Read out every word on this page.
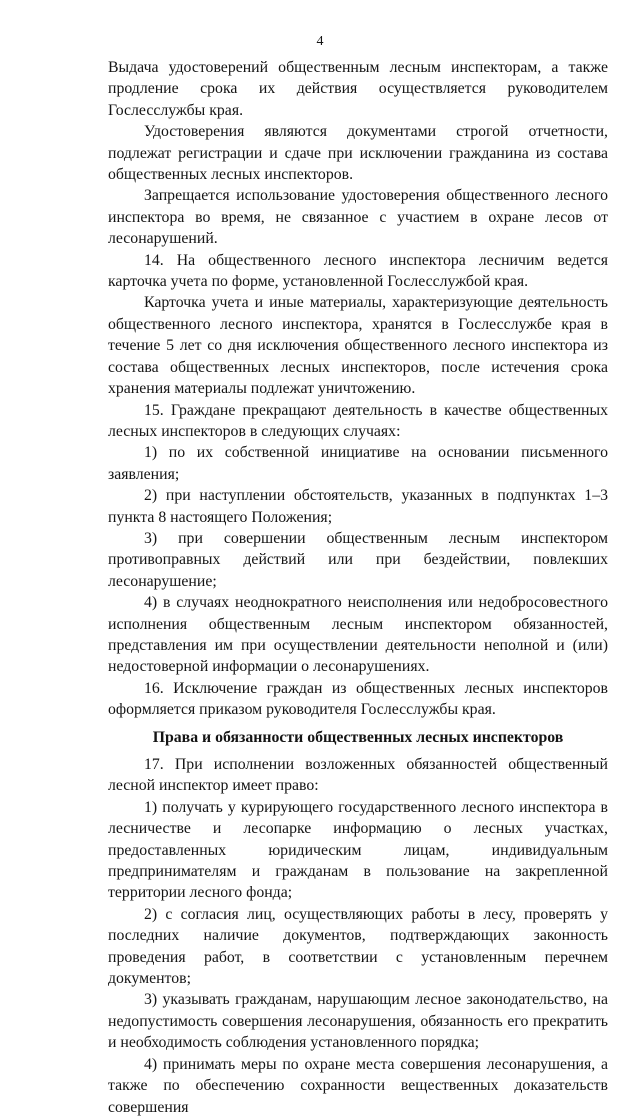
4

Выдача удостоверений общественным лесным инспекторам, а также продление срока их действия осуществляется руководителем Гослесслужбы края.

Удостоверения являются документами строгой отчетности, подлежат регистрации и сдаче при исключении гражданина из состава общественных лесных инспекторов.

Запрещается использование удостоверения общественного лесного инспектора во время, не связанное с участием в охране лесов от лесонарушений.

14. На общественного лесного инспектора лесничим ведется карточка учета по форме, установленной Гослесслужбой края.

Карточка учета и иные материалы, характеризующие деятельность общественного лесного инспектора, хранятся в Гослесслужбе края в течение 5 лет со дня исключения общественного лесного инспектора из состава общественных лесных инспекторов, после истечения срока хранения материалы подлежат уничтожению.

15. Граждане прекращают деятельность в качестве общественных лесных инспекторов в следующих случаях:

1) по их собственной инициативе на основании письменного заявления;

2) при наступлении обстоятельств, указанных в подпунктах 1–3 пункта 8 настоящего Положения;

3) при совершении общественным лесным инспектором противоправных действий или при бездействии, повлекших лесонарушение;

4) в случаях неоднократного неисполнения или недобросовестного исполнения общественным лесным инспектором обязанностей, представления им при осуществлении деятельности неполной и (или) недостоверной информации о лесонарушениях.

16. Исключение граждан из общественных лесных инспекторов оформляется приказом руководителя Гослесслужбы края.

Права и обязанности общественных лесных инспекторов

17. При исполнении возложенных обязанностей общественный лесной инспектор имеет право:

1) получать у курирующего государственного лесного инспектора в лесничестве и лесопарке информацию о лесных участках, предоставленных юридическим лицам, индивидуальным предпринимателям и гражданам в пользование на закрепленной территории лесного фонда;

2) с согласия лиц, осуществляющих работы в лесу, проверять у последних наличие документов, подтверждающих законность проведения работ, в соответствии с установленным перечнем документов;

3) указывать гражданам, нарушающим лесное законодательство, на недопустимость совершения лесонарушения, обязанность его прекратить и необходимость соблюдения установленного порядка;

4) принимать меры по охране места совершения лесонарушения, а также по обеспечению сохранности вещественных доказательств совершения
